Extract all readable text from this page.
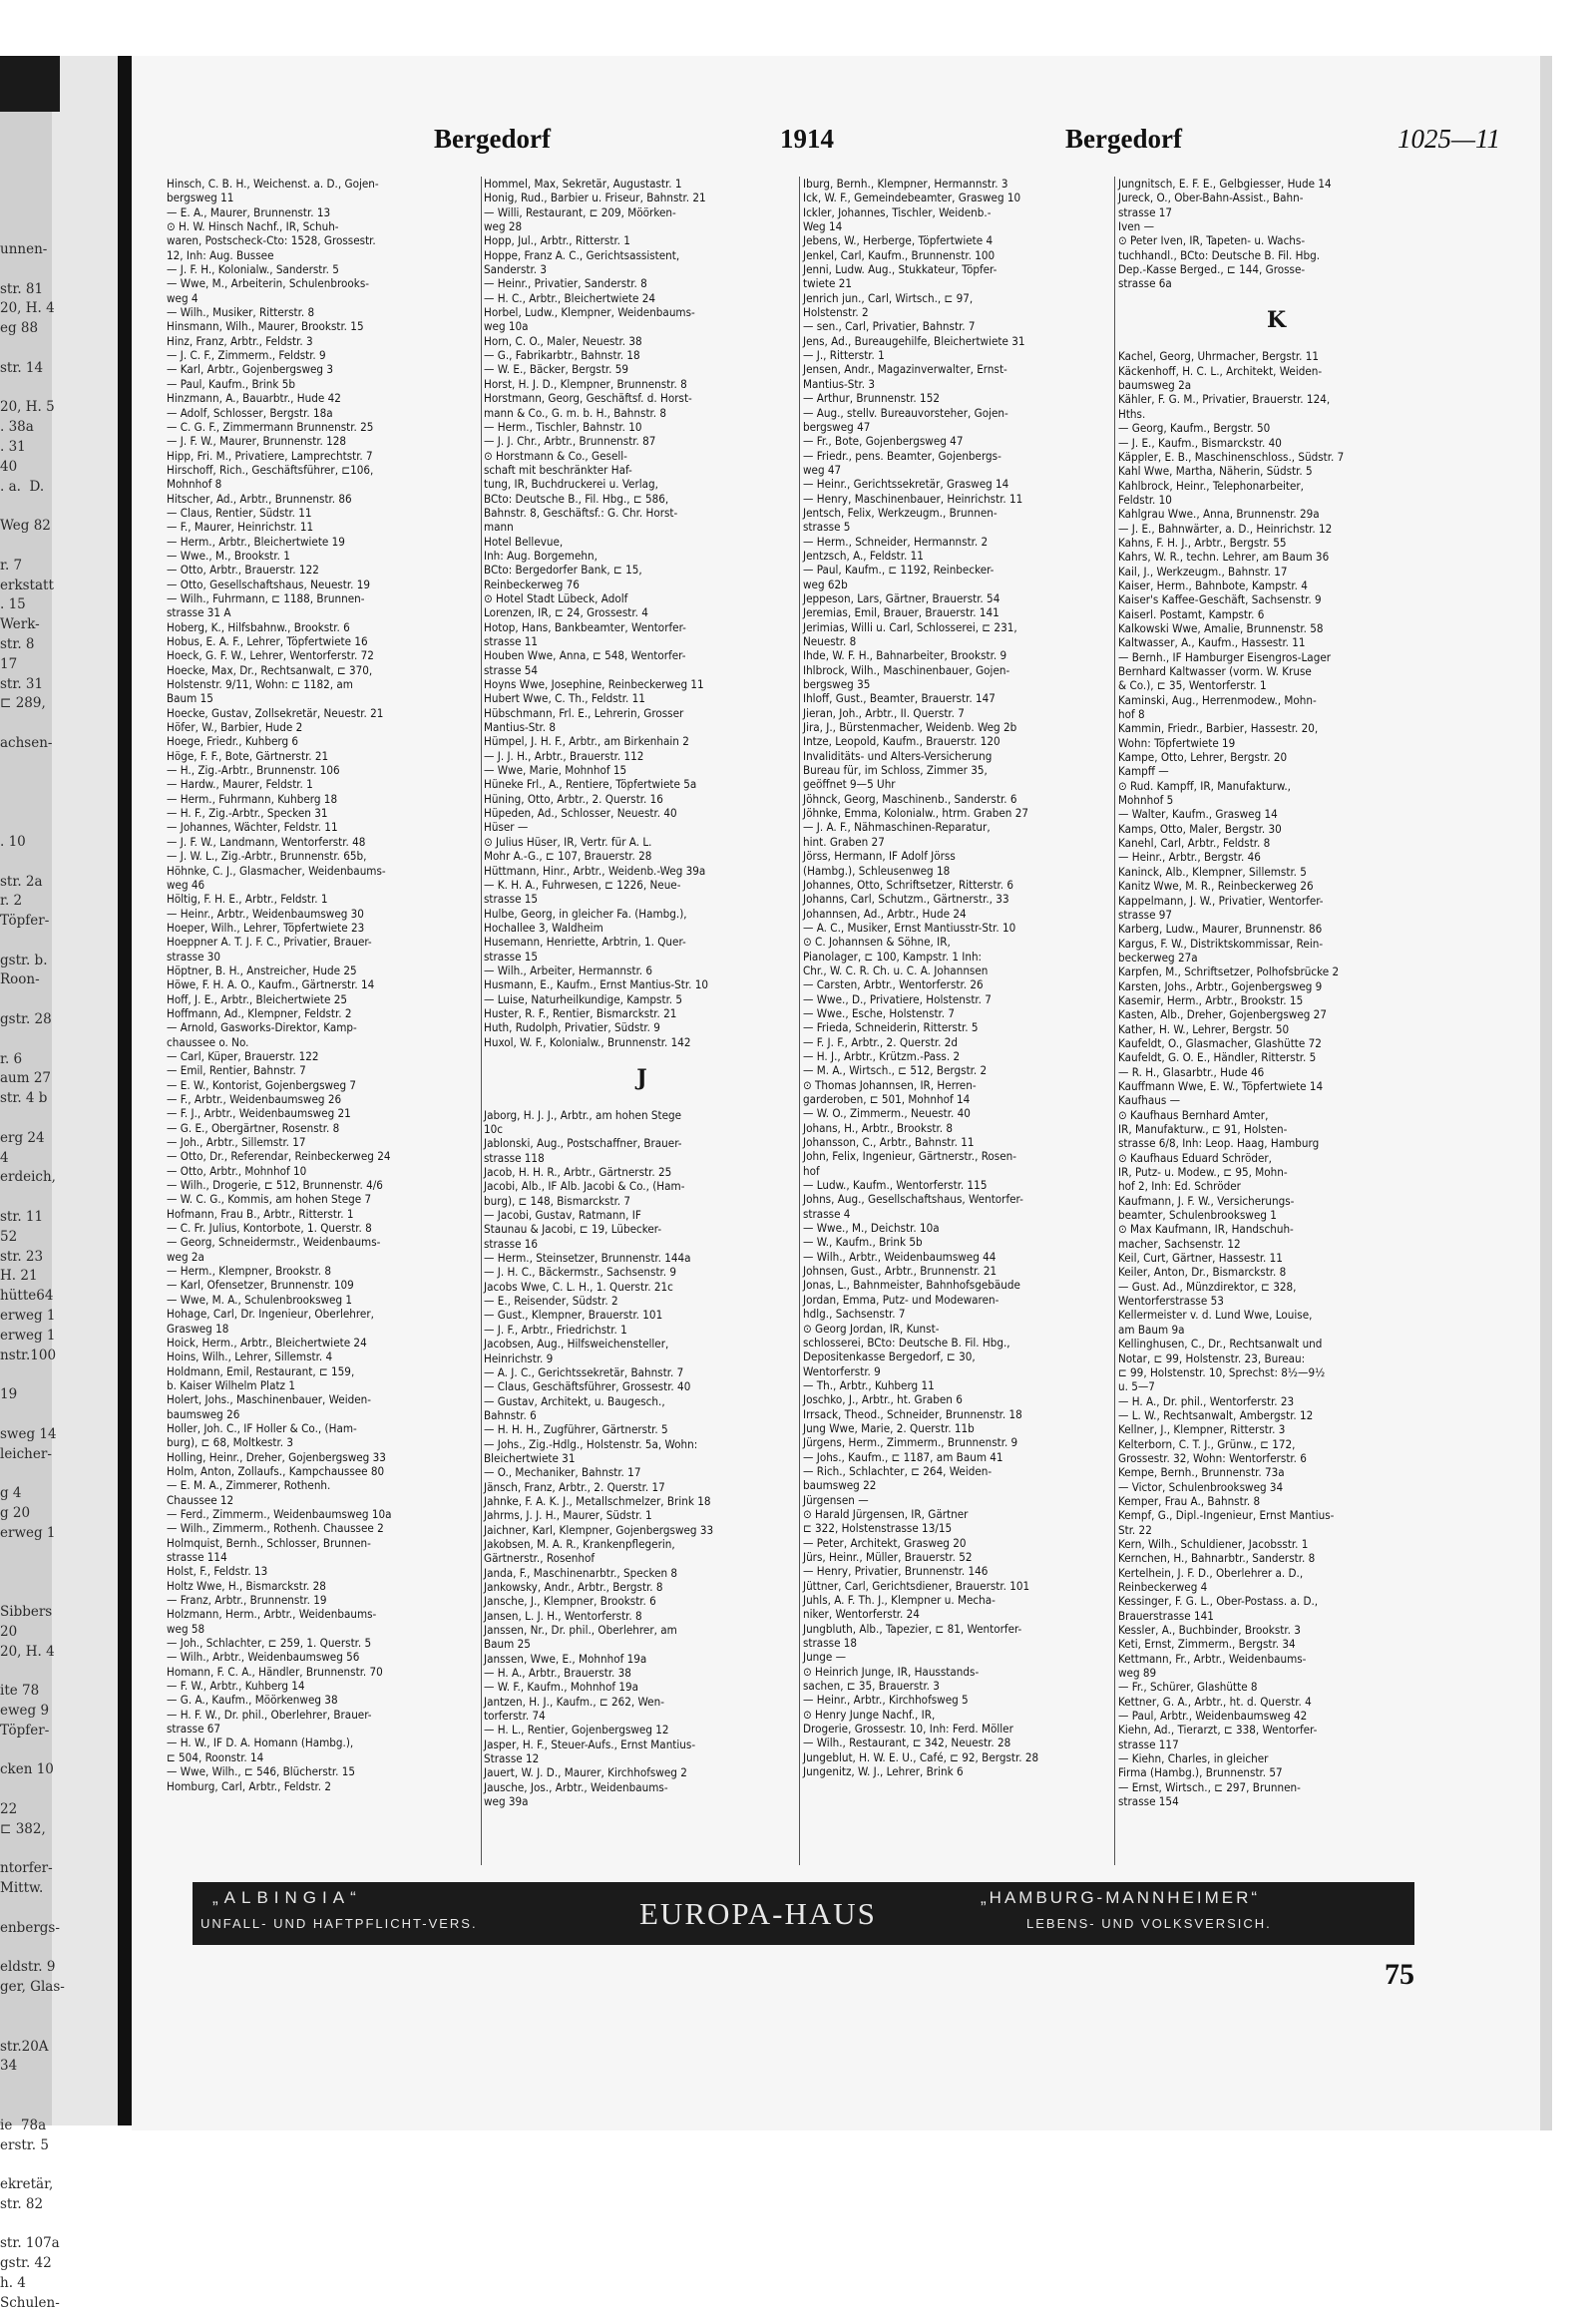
unnen-

str. 81
20, H. 4
eg 88

str. 14

20, H. 5
. 38a
. 31
40
. a.  D.

Weg 82

r. 7
erkstatt
. 15
Werk-
str. 8
17
str. 31
⊏ 289,

achsen-

. 10

str. 2a
r. 2
Töpfer-

gstr. b.
Roon-

gstr. 28

r. 6
aum 27
str. 4 b

erg 24
4
erdeich,

str. 11
52
str. 23
H. 21
hütte64
erweg 1
erweg 1
nstr.100

19

sweg 14
leicher-

g 4
g 20
erweg 1

Sibbers
20
20, H. 4

ite 78
eweg 9
Töpfer-

cken 10

22
⊏ 382,

ntorfer-
Mittw.

enbergs-

eldstr. 9
ger, Glas-

str.20A
34

ie  78a
erstr. 5

ekretär,
str. 82

str. 107a
gstr. 42
h. 4
Schulen-
Bergedorf	1914	Bergedorf	1025—11
Hinsch, C. B. H., Weichenst. a. D., Gojen-
bergsweg 11
— E. A., Maurer, Brunnenstr. 13
⊙ H. W. Hinsch Nachf., IR, Schuh-
waren, Postscheck-Cto: 1528, Grossestr.
12, Inh: Aug. Bussee
— J. F. H., Kolonialw., Sanderstr. 5
— Wwe, M., Arbeiterin, Schulenbrooks-
weg 4
— Wilh., Musiker, Ritterstr. 8
Hinsmann, Wilh., Maurer, Brookstr. 15
Hinz, Franz, Arbtr., Feldstr. 3
— J. C. F., Zimmerm., Feldstr. 9
— Karl, Arbtr., Gojenbergsweg 3
— Paul, Kaufm., Brink 5b
Hinzmann, A., Bauarbtr., Hude 42
— Adolf, Schlosser, Bergstr. 18a
— C. G. F., Zimmermann Brunnenstr. 25
— J. F. W., Maurer, Brunnenstr. 128
Hipp, Fri. M., Privatiere, Lamprechtstr. 7
Hirschoff, Rich., Geschäftsführer, ⊏106,
Mohnhof 8
Hitscher, Ad., Arbtr., Brunnenstr. 86
— Claus, Rentier, Südstr. 11
— F., Maurer, Heinrichstr. 11
— Herm., Arbtr., Bleichertwiete 19
— Wwe., M., Brookstr. 1
— Otto, Arbtr., Brauerstr. 122
— Otto, Gesellschaftshaus, Neuestr. 19
— Wilh., Fuhrmann, ⊏ 1188, Brunnen-
strasse 31 A
Hoberg, K., Hilfsbahnw., Brookstr. 6
Hobus, E. A. F., Lehrer, Töpfertwiete 16
Hoeck, G. F. W., Lehrer, Wentorferstr. 72
Hoecke, Max, Dr., Rechtsanwalt, ⊏ 370,
Holstenstr. 9/11, Wohn: ⊏ 1182, am
Baum 15
Hoecke, Gustav, Zollsekretär, Neuestr. 21
Höfer, W., Barbier, Hude 2
Hoege, Friedr., Kuhberg 6
Höge, F. F., Bote, Gärtnerstr. 21
— H., Zig.-Arbtr., Brunnenstr. 106
— Hardw., Maurer, Feldstr. 1
— Herm., Fuhrmann, Kuhberg 18
— H. F., Zig.-Arbtr., Specken 31
— Johannes, Wächter, Feldstr. 11
— J. F. W., Landmann, Wentorferstr. 48
— J. W. L., Zig.-Arbtr., Brunnenstr. 65b,
Höhnke, C. J., Glasmacher, Weidenbaums-
weg 46
Höltig, F. H. E., Arbtr., Feldstr. 1
— Heinr., Arbtr., Weidenbaumsweg 30
Hoeper, Wilh., Lehrer, Töpfertwiete 23
Hoeppner A. T. J. F. C., Privatier, Brauer-
strasse 30
Höptner, B. H., Anstreicher, Hude 25
Höwe, F. H. A. O., Kaufm., Gärtnerstr. 14
Hoff, J. E., Arbtr., Bleichertwiete 25
Hoffmann, Ad., Klempner, Feldstr. 2
— Arnold, Gasworks-Direktor, Kamp-
chaussee o. No.
— Carl, Küper, Brauerstr. 122
— Emil, Rentier, Bahnstr. 7
— E. W., Kontorist, Gojenbergsweg 7
— F., Arbtr., Weidenbaumsweg 26
— F. J., Arbtr., Weidenbaumsweg 21
— G. E., Obergärtner, Rosenstr. 8
— Joh., Arbtr., Sillemstr. 17
— Otto, Dr., Referendar, Reinbeckerweg 24
— Otto, Arbtr., Mohnhof 10
— Wilh., Drogerie, ⊏ 512, Brunnenstr. 4/6
— W. C. G., Kommis, am hohen Stege 7
Hofmann, Frau B., Arbtr., Ritterstr. 1
— C. Fr. Julius, Kontorbote, 1. Querstr. 8
— Georg, Schneidermstr., Weidenbaums-
weg 2a
— Herm., Klempner, Brookstr. 8
— Karl, Ofensetzer, Brunnenstr. 109
— Wwe, M. A., Schulenbrooksweg 1
Hohage, Carl, Dr. Ingenieur, Oberlehrer,
Grasweg 18
Hoick, Herm., Arbtr., Bleichertwiete 24
Hoins, Wilh., Lehrer, Sillemstr. 4
Holdmann, Emil, Restaurant, ⊏ 159,
b. Kaiser Wilhelm Platz 1
Holert, Johs., Maschinenbauer, Weiden-
baumsweg 26
Holler, Joh. C., IF Holler & Co., (Ham-
burg), ⊏ 68, Moltkestr. 3
Holling, Heinr., Dreher, Gojenbergsweg 33
Holm, Anton, Zollaufs., Kampchaussee 80
— E. M. A., Zimmerer, Rothenh.
Chaussee 12
— Ferd., Zimmerm., Weidenbaumsweg 10a
— Wilh., Zimmerm., Rothenh. Chaussee 2
Holmquist, Bernh., Schlosser, Brunnen-
strasse 114
Holst, F., Feldstr. 13
Holtz Wwe, H., Bismarckstr. 28
— Franz, Arbtr., Brunnenstr. 19
Holzmann, Herm., Arbtr., Weidenbaums-
weg 58
— Joh., Schlachter, ⊏ 259, 1. Querstr. 5
— Wilh., Arbtr., Weidenbaumsweg 56
Homann, F. C. A., Händler, Brunnenstr. 70
— F. W., Arbtr., Kuhberg 14
— G. A., Kaufm., Möörkenweg 38
— H. F. W., Dr. phil., Oberlehrer, Brauer-
strasse 67
— H. W., IF D. A. Homann (Hambg.),
⊏ 504, Roonstr. 14
— Wwe, Wilh., ⊏ 546, Blücherstr. 15
Homburg, Carl, Arbtr., Feldstr. 2
Hommel, Max, Sekretär, Augustastr. 1
Honig, Rud., Barbier u. Friseur, Bahnstr. 21
— Willi, Restaurant, ⊏ 209, Möörken-
weg 28
Hopp, Jul., Arbtr., Ritterstr. 1
Hoppe, Franz A. C., Gerichtsassistent,
Sanderstr. 3
— Heinr., Privatier, Sanderstr. 8
— H. C., Arbtr., Bleichertwiete 24
Horbel, Ludw., Klempner, Weidenbaums-
weg 10a
Horn, C. O., Maler, Neuestr. 38
— G., Fabrikarbtr., Bahnstr. 18
— W. E., Bäcker, Bergstr. 59
Horst, H. J. D., Klempner, Brunnenstr. 8
Horstmann, Georg, Geschäftsf. d. Horst-
mann & Co., G. m. b. H., Bahnstr. 8
— Herm., Tischler, Bahnstr. 10
— J. J. Chr., Arbtr., Brunnenstr. 87
⊙ Horstmann & Co., Gesell-
schaft mit beschränkter Haf-
tung, IR, Buchdruckerei u. Verlag,
BCto: Deutsche B., Fil. Hbg., ⊏ 586,
Bahnstr. 8, Geschäftsf.: G. Chr. Horst-
mann
Hotel Bellevue,
Inh: Aug. Borgemehn,
BCto: Bergedorfer Bank, ⊏ 15,
Reinbeckerweg 76
⊙ Hotel Stadt Lübeck, Adolf
Lorenzen, IR, ⊏ 24, Grossestr. 4
Hotop, Hans, Bankbeamter, Wentorfer-
strasse 11
Houben Wwe, Anna, ⊏ 548, Wentorfer-
strasse 54
Hoyns Wwe, Josephine, Reinbeckerweg 11
Hubert Wwe, C. Th., Feldstr. 11
Hübschmann, Frl. E., Lehrerin, Grosser
Mantius-Str. 8
Hümpel, J. H. F., Arbtr., am Birkenhain 2
— J. J. H., Arbtr., Brauerstr. 112
— Wwe, Marie, Mohnhof 15
Hüneke Frl., A., Rentiere, Töpfertwiete 5a
Hüning, Otto, Arbtr., 2. Querstr. 16
Hüpeden, Ad., Schlosser, Neuestr. 40
Hüser —
⊙ Julius Hüser, IR, Vertr. für A. L.
Mohr A.-G., ⊏ 107, Brauerstr. 28
Hüttmann, Hinr., Arbtr., Weidenb.-Weg 39a
— K. H. A., Fuhrwesen, ⊏ 1226, Neue-
strasse 15
Hulbe, Georg, in gleicher Fa. (Hambg.),
Hochallee 3, Waldheim
Husemann, Henriette, Arbtrin, 1. Quer-
strasse 15
— Wilh., Arbeiter, Hermannstr. 6
Husmann, E., Kaufm., Ernst Mantius-Str. 10
— Luise, Naturheilkundige, Kampstr. 5
Huster, R. F., Rentier, Bismarckstr. 21
Huth, Rudolph, Privatier, Südstr. 9
Huxol, W. F., Kolonialw., Brunnenstr. 142

J

Jaborg, H. J. J., Arbtr., am hohen Stege
10c
Jablonski, Aug., Postschaffner, Brauer-
strasse 118
Jacob, H. H. R., Arbtr., Gärtnerstr. 25
Jacobi, Alb., IF Alb. Jacobi & Co., (Ham-
burg), ⊏ 148, Bismarckstr. 7
— Jacobi, Gustav, Ratmann, IF
Staunau & Jacobi, ⊏ 19, Lübecker-
strasse 16
— Herm., Steinsetzer, Brunnenstr. 144a
— J. H. C., Bäckermstr., Sachsenstr. 9
Jacobs Wwe, C. L. H., 1. Querstr. 21c
— E., Reisender, Südstr. 2
— Gust., Klempner, Brauerstr. 101
— J. F., Arbtr., Friedrichstr. 1
Jacobsen, Aug., Hilfsweichensteller,
Heinrichstr. 9
— A. J. C., Gerichtssekretär, Bahnstr. 7
— Claus, Geschäftsführer, Grossestr. 40
— Gustav, Architekt, u. Baugesch.,
Bahnstr. 6
— H. H. H., Zugführer, Gärtnerstr. 5
— Johs., Zig.-Hdlg., Holstenstr. 5a, Wohn:
Bleichertwiete 31
— O., Mechaniker, Bahnstr. 17
Jänsch, Franz, Arbtr., 2. Querstr. 17
Jahnke, F. A. K. J., Metallschmelzer, Brink 18
Jahrms, J. J. H., Maurer, Südstr. 1
Jaichner, Karl, Klempner, Gojenbergsweg 33
Jakobsen, M. A. R., Krankenpflegerin,
Gärtnerstr., Rosenhof
Janda, F., Maschinenarbtr., Specken 8
Jankowsky, Andr., Arbtr., Bergstr. 8
Jansche, J., Klempner, Brookstr. 6
Jansen, L. J. H., Wentorferstr. 8
Janssen, Nr., Dr. phil., Oberlehrer, am
Baum 25
Janssen, Wwe, E., Mohnhof 19a
— H. A., Arbtr., Brauerstr. 38
— W. F., Kaufm., Mohnhof 19a
Jantzen, H. J., Kaufm., ⊏ 262, Wen-
torferstr. 74
— H. L., Rentier, Gojenbergsweg 12
Jasper, H. F., Steuer-Aufs., Ernst Mantius-
Strasse 12
Jauert, W. J. D., Maurer, Kirchhofsweg 2
Jausche, Jos., Arbtr., Weidenbaums-
weg 39a
Iburg, Bernh., Klempner, Hermannstr. 3
Ick, W. F., Gemeindebeamter, Grasweg 10
Ickler, Johannes, Tischler, Weidenb.-
Weg 14
Jebens, W., Herberge, Töpfertwiete 4
Jenkel, Carl, Kaufm., Brunnenstr. 100
Jenni, Ludw. Aug., Stukkateur, Töpfer-
twiete 21
Jenrich jun., Carl, Wirtsch., ⊏ 97,
Holstenstr. 2
— sen., Carl, Privatier, Bahnstr. 7
Jens, Ad., Bureaugehilfe, Bleichertwiete 31
— J., Ritterstr. 1
Jensen, Andr., Magazinverwalter, Ernst-
Mantius-Str. 3
— Arthur, Brunnenstr. 152
— Aug., stellv. Bureauvorsteher, Gojen-
bergsweg 47
— Fr., Bote, Gojenbergsweg 47
— Friedr., pens. Beamter, Gojenbergs-
weg 47
— Heinr., Gerichtssekretär, Grasweg 14
— Henry, Maschinenbauer, Heinrichstr. 11
Jentsch, Felix, Werkzeugm., Brunnen-
strasse 5
— Herm., Schneider, Hermannstr. 2
Jentzsch, A., Feldstr. 11
— Paul, Kaufm., ⊏ 1192, Reinbecker-
weg 62b
Jeppeson, Lars, Gärtner, Brauerstr. 54
Jeremias, Emil, Brauer, Brauerstr. 141
Jerimias, Willi u. Carl, Schlosserei, ⊏ 231,
Neuestr. 8
Ihde, W. F. H., Bahnarbeiter, Brookstr. 9
Ihlbrock, Wilh., Maschinenbauer, Gojen-
bergsweg 35
Ihloff, Gust., Beamter, Brauerstr. 147
Jieran, Joh., Arbtr., II. Querstr. 7
Jira, J., Bürstenmacher, Weidenb. Weg 2b
Intze, Leopold, Kaufm., Brauerstr. 120
Invaliditäts- und Alters-Versicherung
Bureau für, im Schloss, Zimmer 35,
geöffnet 9—5 Uhr
Jöhnck, Georg, Maschinenb., Sanderstr. 6
Jöhnke, Emma, Kolonialw., htrm. Graben 27
— J. A. F., Nähmaschinen-Reparatur,
hint. Graben 27
Jörss, Hermann, IF Adolf Jörss
(Hambg.), Schleusenweg 18
Johannes, Otto, Schriftsetzer, Ritterstr. 6
Johanns, Carl, Schutzm., Gärtnerstr., 33
Johannsen, Ad., Arbtr., Hude 24
— A. C., Musiker, Ernst Mantiusstr-Str. 10
⊙ C. Johannsen & Söhne, IR,
Pianolager, ⊏ 100, Kampstr. 1 Inh:
Chr., W. C. R. Ch. u. C. A. Johannsen
— Carsten, Arbtr., Wentorferstr. 26
— Wwe., D., Privatiere, Holstenstr. 7
— Wwe., Esche, Holstenstr. 7
— Frieda, Schneiderin, Ritterstr. 5
— F. J. F., Arbtr., 2. Querstr. 2d
— H. J., Arbtr., Krützm.-Pass. 2
— M. A., Wirtsch., ⊏ 512, Bergstr. 2
⊙ Thomas Johannsen, IR, Herren-
garderoben, ⊏ 501, Mohnhof 14
— W. O., Zimmerm., Neuestr. 40
Johans, H., Arbtr., Brookstr. 8
Johansson, C., Arbtr., Bahnstr. 11
John, Felix, Ingenieur, Gärtnerstr., Rosen-
hof
— Ludw., Kaufm., Wentorferstr. 115
Johns, Aug., Gesellschaftshaus, Wentorfer-
strasse 4
— Wwe., M., Deichstr. 10a
— W., Kaufm., Brink 5b
— Wilh., Arbtr., Weidenbaumsweg 44
Johnsen, Gust., Arbtr., Brunnenstr. 21
Jonas, L., Bahnmeister, Bahnhofsgebäude
Jordan, Emma, Putz- und Modewaren-
hdlg., Sachsenstr. 7
⊙ Georg Jordan, IR, Kunst-
schlosserei, BCto: Deutsche B. Fil. Hbg.,
Depositenkasse Bergedorf, ⊏ 30,
Wentorferstr. 9
— Th., Arbtr., Kuhberg 11
Joschko, J., Arbtr., ht. Graben 6
Irrsack, Theod., Schneider, Brunnenstr. 18
Jung Wwe, Marie, 2. Querstr. 11b
Jürgens, Herm., Zimmerm., Brunnenstr. 9
— Johs., Kaufm., ⊏ 1187, am Baum 41
— Rich., Schlachter, ⊏ 264, Weiden-
baumsweg 22
Jürgensen —
⊙ Harald Jürgensen, IR, Gärtner
⊏ 322, Holstenstrasse 13/15
— Peter, Architekt, Grasweg 20
Jürs, Heinr., Müller, Brauerstr. 52
— Henry, Privatier, Brunnenstr. 146
Jüttner, Carl, Gerichtsdiener, Brauerstr. 101
Juhls, A. F. Th. J., Klempner u. Mecha-
niker, Wentorferstr. 24
Jungbluth, Alb., Tapezier, ⊏ 81, Wentorfer-
strasse 18
Junge —
⊙ Heinrich Junge, IR, Hausstands-
sachen, ⊏ 35, Brauerstr. 3
— Heinr., Arbtr., Kirchhofsweg 5
⊙ Henry Junge Nachf., IR,
Drogerie, Grossestr. 10, Inh: Ferd. Möller
— Wilh., Restaurant, ⊏ 342, Neuestr. 28
Jungeblut, H. W. E. U., Café, ⊏ 92, Bergstr. 28
Jungenitz, W. J., Lehrer, Brink 6
Jungnitsch, E. F. E., Gelbgiesser, Hude 14
Jureck, O., Ober-Bahn-Assist., Bahn-
strasse 17
Iven —
⊙ Peter Iven, IR, Tapeten- u. Wachs-
tuchhandl., BCto: Deutsche B. Fil. Hbg.
Dep.-Kasse Berged., ⊏ 144, Grosse-
strasse 6a

K

Kachel, Georg, Uhrmacher, Bergstr. 11
Käckenhoff, H. C. L., Architekt, Weiden-
baumsweg 2a
Kähler, F. G. M., Privatier, Brauerstr. 124,
Hths.
— Georg, Kaufm., Bergstr. 50
— J. E., Kaufm., Bismarckstr. 40
Käppler, E. B., Maschinenschloss., Südstr. 7
Kahl Wwe, Martha, Näherin, Südstr. 5
Kahlbrock, Heinr., Telephonarbeiter,
Feldstr. 10
Kahlgrau Wwe., Anna, Brunnenstr. 29a
— J. E., Bahnwärter, a. D., Heinrichstr. 12
Kahns, F. H. J., Arbtr., Bergstr. 55
Kahrs, W. R., techn. Lehrer, am Baum 36
Kail, J., Werkzeugm., Bahnstr. 17
Kaiser, Herm., Bahnbote, Kampstr. 4
Kaiser's Kaffee-Geschäft, Sachsenstr. 9
Kaiserl. Postamt, Kampstr. 6
Kalkowski Wwe, Amalie, Brunnenstr. 58
Kaltwasser, A., Kaufm., Hassestr. 11
— Bernh., IF Hamburger Eisengros-Lager
Bernhard Kaltwasser (vorm. W. Kruse
& Co.), ⊏ 35, Wentorferstr. 1
Kaminski, Aug., Herrenmodew., Mohn-
hof 8
Kammin, Friedr., Barbier, Hassestr. 20,
Wohn: Töpfertwiete 19
Kampe, Otto, Lehrer, Bergstr. 20
Kampff —
⊙ Rud. Kampff, IR, Manufakturw.,
Mohnhof 5
— Walter, Kaufm., Grasweg 14
Kamps, Otto, Maler, Bergstr. 30
Kanehl, Carl, Arbtr., Feldstr. 8
— Heinr., Arbtr., Bergstr. 46
Kaninck, Alb., Klempner, Sillemstr. 5
Kanitz Wwe, M. R., Reinbeckerweg 26
Kappelmann, J. W., Privatier, Wentorfer-
strasse 97
Karberg, Ludw., Maurer, Brunnenstr. 86
Kargus, F. W., Distriktskommissar, Rein-
beckerweg 27a
Karpfen, M., Schriftsetzer, Polhofsbrücke 2
Karsten, Johs., Arbtr., Gojenbergsweg 9
Kasemir, Herm., Arbtr., Brookstr. 15
Kasten, Alb., Dreher, Gojenbergsweg 27
Kather, H. W., Lehrer, Bergstr. 50
Kaufeldt, O., Glasmacher, Glashütte 72
Kaufeldt, G. O. E., Händler, Ritterstr. 5
— R. H., Glasarbtr., Hude 46
Kauffmann Wwe, E. W., Töpfertwiete 14
Kaufhaus —
⊙ Kaufhaus Bernhard Amter,
IR, Manufakturw., ⊏ 91, Holsten-
strasse 6/8, Inh: Leop. Haag, Hamburg
⊙ Kaufhaus Eduard Schröder,
IR, Putz- u. Modew., ⊏ 95, Mohn-
hof 2, Inh: Ed. Schröder
Kaufmann, J. F. W., Versicherungs-
beamter, Schulenbrooksweg 1
⊙ Max Kaufmann, IR, Handschuh-
macher, Sachsenstr. 12
Keil, Curt, Gärtner, Hassestr. 11
Keiler, Anton, Dr., Bismarckstr. 8
— Gust. Ad., Münzdirektor, ⊏ 328,
Wentorferstrasse 53
Kellermeister v. d. Lund Wwe, Louise,
am Baum 9a
Kellinghusen, C., Dr., Rechtsanwalt und
Notar, ⊏ 99, Holstenstr. 23, Bureau:
⊏ 99, Holstenstr. 10, Sprechst: 8½—9½
u. 5—7
— H. A., Dr. phil., Wentorferstr. 23
— L. W., Rechtsanwalt, Ambergstr. 12
Kellner, J., Klempner, Ritterstr. 3
Kelterborn, C. T. J., Grünw., ⊏ 172,
Grossestr. 32, Wohn: Wentorferstr. 6
Kempe, Bernh., Brunnenstr. 73a
— Victor, Schulenbrooksweg 34
Kemper, Frau A., Bahnstr. 8
Kempf, G., Dipl.-Ingenieur, Ernst Mantius-
Str. 22
Kern, Wilh., Schuldiener, Jacobsstr. 1
Kernchen, H., Bahnarbtr., Sanderstr. 8
Kertelhein, J. F. D., Oberlehrer a. D.,
Reinbeckerweg 4
Kessinger, F. G. L., Ober-Postass. a. D.,
Brauerstrasse 141
Kessler, A., Buchbinder, Brookstr. 3
Keti, Ernst, Zimmerm., Bergstr. 34
Kettmann, Fr., Arbtr., Weidenbaums-
weg 89
— Fr., Schürer, Glashütte 8
Kettner, G. A., Arbtr., ht. d. Querstr. 4
— Paul, Arbtr., Weidenbaumsweg 42
Kiehn, Ad., Tierarzt, ⊏ 338, Wentorfer-
strasse 117
— Kiehn, Charles, in gleicher
Firma (Hambg.), Brunnenstr. 57
— Ernst, Wirtsch., ⊏ 297, Brunnen-
strasse 154
„ALBINGIA“
UNFALL- UND HAFTPFLICHT-VERS.	EUROPA-HAUS	„HAMBURG-MANNHEIMER“
LEBENS- UND VOLKSVERSICH.
75
